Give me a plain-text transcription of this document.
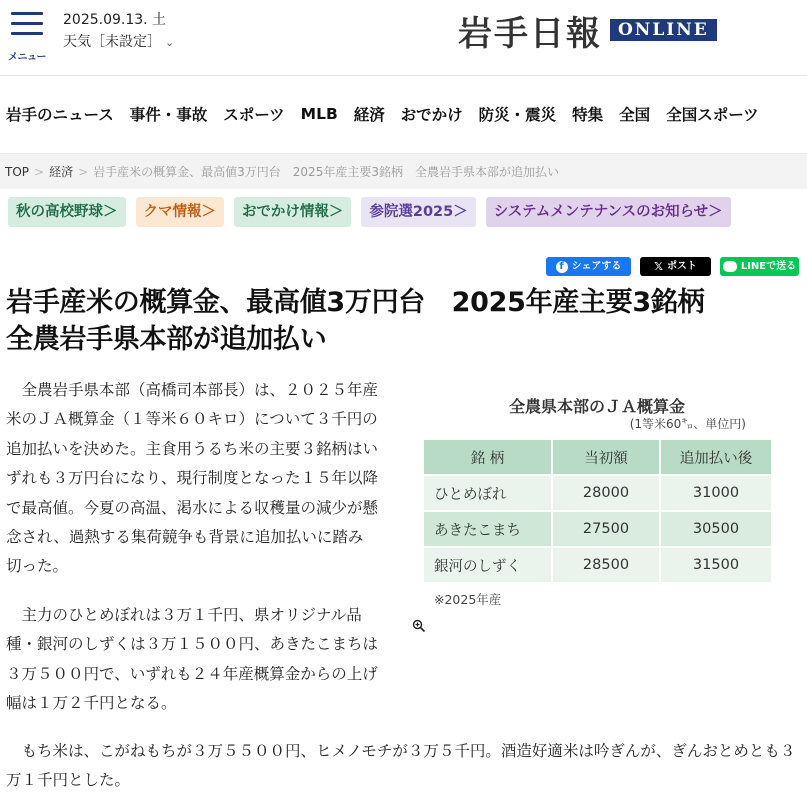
メニュー
2025.09.13. 土
天気［未設定］ ⌄	岩手日報 ONLINE
岩手のニュース 事件・事故 スポーツ MLB 経済 おでかけ 防災・震災 特集 全国 全国スポーツ
TOP > 経済 > 岩手産米の概算金、最高値3万円台　2025年産主要3銘柄　全農岩手県本部が追加払い
秋の高校野球＞	クマ情報＞	おでかけ情報＞	参院選2025＞	システムメンテナンスのお知らせ＞
f シェアする	𝕏 ポスト	LINEで送る
岩手産米の概算金、最高値3万円台　2025年産主要3銘柄
全農岩手県本部が追加払い

　全農岩手県本部（高橋司本部長）は、２０２５年産米のＪＡ概算金（１等米６０キロ）について３千円の追加払いを決めた。主食用うるち米の主要３銘柄はいずれも３万円台になり、現行制度となった１５年以降で最高値。今夏の高温、渇水による収穫量の減少が懸念され、過熱する集荷競争も背景に追加払いに踏み切った。

　主力のひとめぼれは３万１千円、県オリジナル品種・銀河のしずくは３万１５００円、あきたこまちは３万５００円で、いずれも２４年産概算金からの上げ幅は１万２千円となる。

　もち米は、こがねもちが３万５５００円、ヒメノモチが３万５千円。酒造好適米は吟ぎんが、ぎんおとめとも３万１千円とした。

全農県本部のＪＡ概算金
(1等米60㌔、単位円)
銘 柄	当初額	追加払い後
ひとめぼれ	28000	31000
あきたこまち	27500	30500
銀河のしずく	28500	31500
※2025年産
